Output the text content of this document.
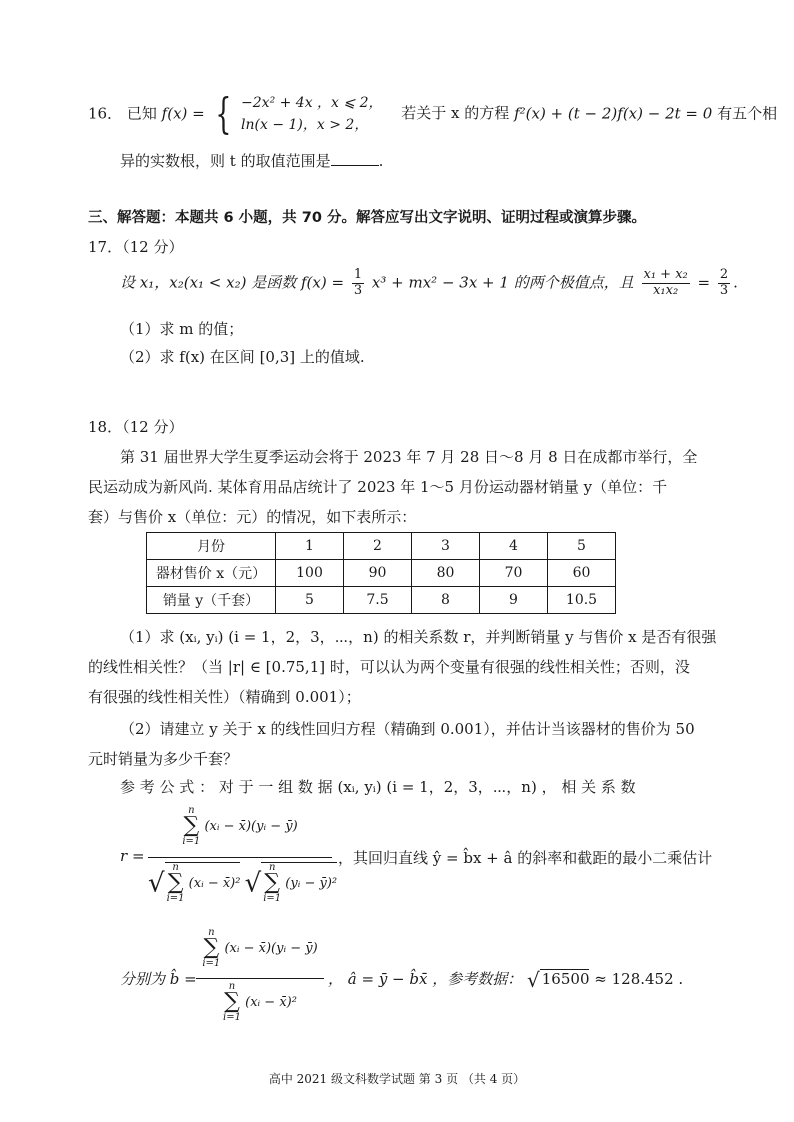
16． 已知 f(x) = { −2x² + 4x ，x ⩽ 2，
ln(x − 1)，x > 2，
若关于 x 的方程 f²(x) + (t − 2)f(x) − 2t = 0 有五个相
异的实数根，则 t 的取值范围是	.
三、解答题：本题共 6 小题，共 70 分。解答应写出文字说明、证明过程或演算步骤。
17．（12 分）
设 x₁，x₂(x₁ < x₂) 是函数 $f(x) = \frac{1}{3} x^3 + mx^2 - 3x + 1$ 的两个极值点，且 $\frac{\text{x₁ + x₂}}{\text{x₁x₂}} = \frac{2}{3}$ .
（1）求 m 的值；
（2）求 f(x) 在区间 [0,3] 上的值域.
18．（12 分）
第 31 届世界大学生夏季运动会将于 2023 年 7 月 28 日～8 月 8 日在成都市举行，全
民运动成为新风尚. 某体育用品店统计了 2023 年 1～5 月份运动器材销量 y（单位：千
套）与售价 x（单位：元）的情况，如下表所示：
月份	1	2	3	4	5
器材售价 x（元）	100	90	80	70	60
销量 y（千套）	5	7.5	8	9	10.5
（1）求 (xᵢ, yᵢ) (i = 1，2，3，⋯，n) 的相关系数 r，并判断销量 y 与售价 x 是否有很强
的线性相关性？（当 |r| ∈ [0.75,1] 时，可以认为两个变量有很强的线性相关性；否则，没
有很强的线性相关性）（精确到 0.001）；
（2）请建立 y 关于 x 的线性回归方程（精确到 0.001），并估计当该器材的售价为 50
元时销量为多少千套？
参 考 公 式 ： 对 于 一 组 数 据 (xᵢ, yᵢ) (i = 1，2，3，⋯，n) ， 相 关 系 数
r =
n
∑
i=1
(xᵢ − x̄)(yᵢ − ȳ)
√
n
∑
i=1
(xᵢ − x̄)² √
n
∑
i=1
(yᵢ − ȳ)²
，其回归直线 ŷ = b̂x + â 的斜率和截距的最小二乘估计
分别为 b̂ =
n
∑
i=1
(xᵢ − x̄)(yᵢ − ȳ)
n
∑
i=1
(xᵢ − x̄)²
， â = ȳ − b̂x̄ ，参考数据： √ 16500 ≈ 128.452 .
高中 2021 级文科数学试题 第 3 页 （共 4 页）
